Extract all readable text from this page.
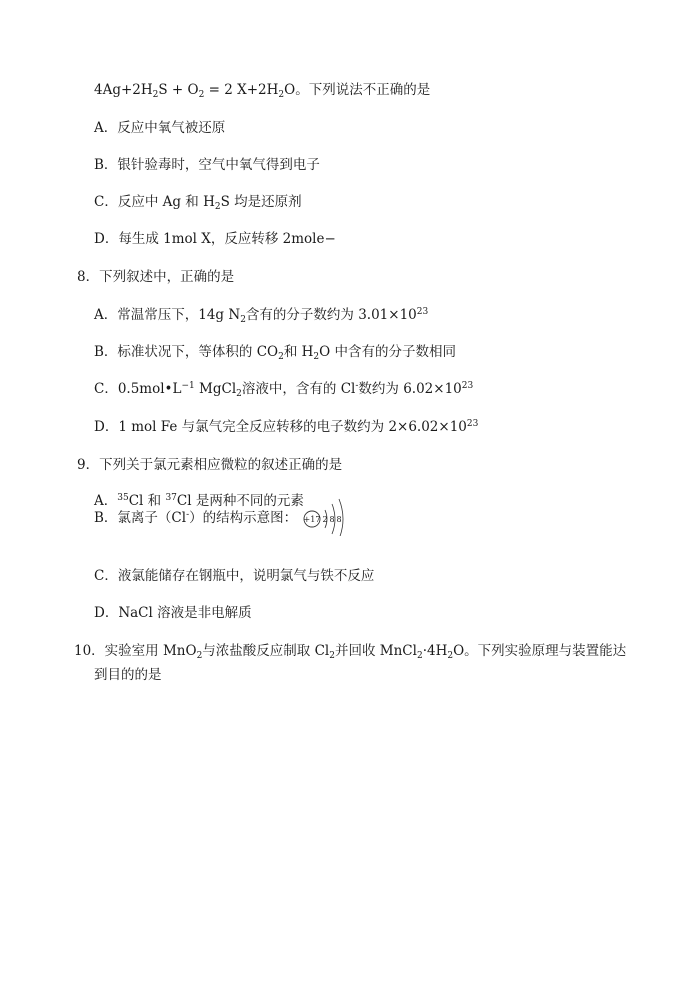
$4Ag+2H_2S + O_2 = 2$ $X+2H_2O$。下列说法不正确的是
A．反应中氧气被还原
B．银针验毒时，空气中氧气得到电子
C．反应中 Ag 和 $H_2S$ 均是还原剂
D．每生成 1mol X，反应转移 2mole−
8．下列叙述中，正确的是
A．常温常压下，14g $N_2$含有的分子数约为 $3.01\times 10^{23}$
B．标准状况下，等体积的 $CO_2$和 $H_2O$ 中含有的分子数相同
C．$0.5mol•L^{-1}$ MgCl$_2$溶液中，含有的 Cl-数约为 $6.02\times 10^{23}$
D．1 mol Fe 与氯气完全反应转移的电子数约为 $2\times 6.02\times 10^{23}$
9．下列关于氯元素相应微粒的叙述正确的是
A．$^{35}$Cl 和 $^{37}$Cl 是两种不同的元素
B．氯离子（Cl-）的结构示意图： +17 2 8 8
C．液氯能储存在钢瓶中，说明氯气与铁不反应
D．NaCl 溶液是非电解质
10．实验室用 MnO$_2$与浓盐酸反应制取 $Cl_2$并回收 $MnCl_2\cdot 4H_2O$。下列实验原理与装置能达
到目的的是
